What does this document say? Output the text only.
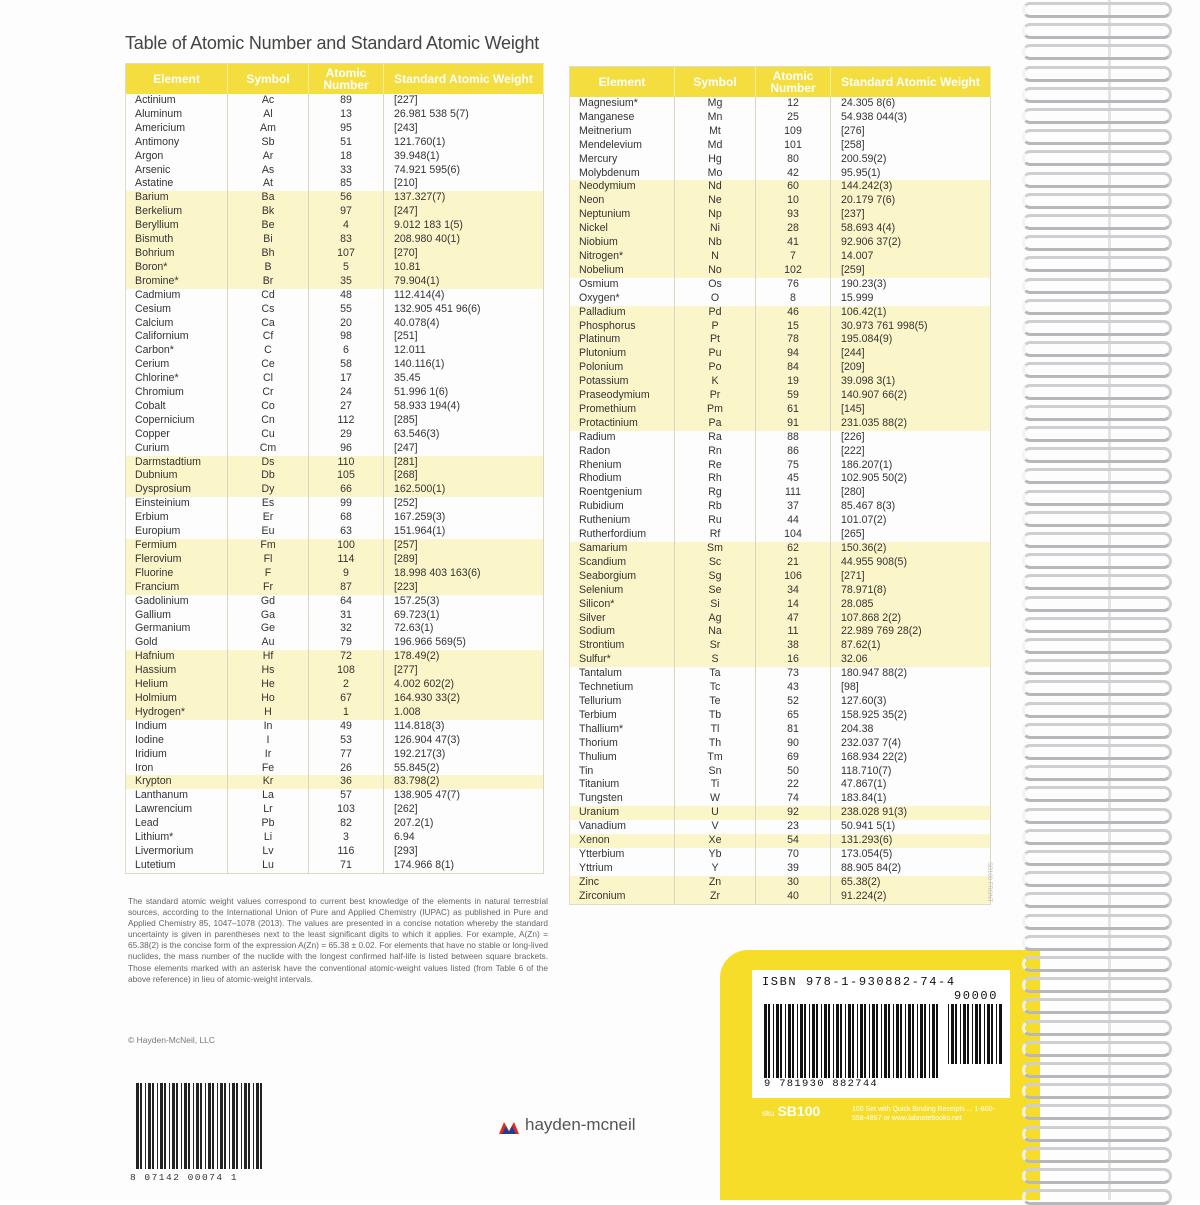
Table of Atomic Number and Standard Atomic Weight
Element	Symbol	Atomic Number	Standard Atomic Weight
Actinium	Ac	89	[227]
Aluminum	Al	13	26.981 538 5(7)
Americium	Am	95	[243]
Antimony	Sb	51	121.760(1)
Argon	Ar	18	39.948(1)
Arsenic	As	33	74.921 595(6)
Astatine	At	85	[210]
Barium	Ba	56	137.327(7)
Berkelium	Bk	97	[247]
Beryllium	Be	4	9.012 183 1(5)
Bismuth	Bi	83	208.980 40(1)
Bohrium	Bh	107	[270]
Boron*	B	5	10.81
Bromine*	Br	35	79.904(1)
Cadmium	Cd	48	112.414(4)
Cesium	Cs	55	132.905 451 96(6)
Calcium	Ca	20	40.078(4)
Californium	Cf	98	[251]
Carbon*	C	6	12.011
Cerium	Ce	58	140.116(1)
Chlorine*	Cl	17	35.45
Chromium	Cr	24	51.996 1(6)
Cobalt	Co	27	58.933 194(4)
Copernicium	Cn	112	[285]
Copper	Cu	29	63.546(3)
Curium	Cm	96	[247]
Darmstadtium	Ds	110	[281]
Dubnium	Db	105	[268]
Dysprosium	Dy	66	162.500(1)
Einsteinium	Es	99	[252]
Erbium	Er	68	167.259(3)
Europium	Eu	63	151.964(1)
Fermium	Fm	100	[257]
Flerovium	Fl	114	[289]
Fluorine	F	9	18.998 403 163(6)
Francium	Fr	87	[223]
Gadolinium	Gd	64	157.25(3)
Gallium	Ga	31	69.723(1)
Germanium	Ge	32	72.63(1)
Gold	Au	79	196.966 569(5)
Hafnium	Hf	72	178.49(2)
Hassium	Hs	108	[277]
Helium	He	2	4.002 602(2)
Holmium	Ho	67	164.930 33(2)
Hydrogen*	H	1	1.008
Indium	In	49	114.818(3)
Iodine	I	53	126.904 47(3)
Iridium	Ir	77	192.217(3)
Iron	Fe	26	55.845(2)
Krypton	Kr	36	83.798(2)
Lanthanum	La	57	138.905 47(7)
Lawrencium	Lr	103	[262]
Lead	Pb	82	207.2(1)
Lithium*	Li	3	6.94
Livermorium	Lv	116	[293]
Lutetium	Lu	71	174.966 8(1)
Element	Symbol	Atomic Number	Standard Atomic Weight
Magnesium*	Mg	12	24.305 8(6)
Manganese	Mn	25	54.938 044(3)
Meitnerium	Mt	109	[276]
Mendelevium	Md	101	[258]
Mercury	Hg	80	200.59(2)
Molybdenum	Mo	42	95.95(1)
Neodymium	Nd	60	144.242(3)
Neon	Ne	10	20.179 7(6)
Neptunium	Np	93	[237]
Nickel	Ni	28	58.693 4(4)
Niobium	Nb	41	92.906 37(2)
Nitrogen*	N	7	14.007
Nobelium	No	102	[259]
Osmium	Os	76	190.23(3)
Oxygen*	O	8	15.999
Palladium	Pd	46	106.42(1)
Phosphorus	P	15	30.973 761 998(5)
Platinum	Pt	78	195.084(9)
Plutonium	Pu	94	[244]
Polonium	Po	84	[209]
Potassium	K	19	39.098 3(1)
Praseodymium	Pr	59	140.907 66(2)
Promethium	Pm	61	[145]
Protactinium	Pa	91	231.035 88(2)
Radium	Ra	88	[226]
Radon	Rn	86	[222]
Rhenium	Re	75	186.207(1)
Rhodium	Rh	45	102.905 50(2)
Roentgenium	Rg	111	[280]
Rubidium	Rb	37	85.467 8(3)
Ruthenium	Ru	44	101.07(2)
Rutherfordium	Rf	104	[265]
Samarium	Sm	62	150.36(2)
Scandium	Sc	21	44.955 908(5)
Seaborgium	Sg	106	[271]
Selenium	Se	34	78.971(8)
Silicon*	Si	14	28.085
Silver	Ag	47	107.868 2(2)
Sodium	Na	11	22.989 769 28(2)
Strontium	Sr	38	87.62(1)
Sulfur*	S	16	32.06
Tantalum	Ta	73	180.947 88(2)
Technetium	Tc	43	[98]
Tellurium	Te	52	127.60(3)
Terbium	Tb	65	158.925 35(2)
Thallium*	Tl	81	204.38
Thorium	Th	90	232.037 7(4)
Thulium	Tm	69	168.934 22(2)
Tin	Sn	50	118.710(7)
Titanium	Ti	22	47.867(1)
Tungsten	W	74	183.84(1)
Uranium	U	92	238.028 91(3)
Vanadium	V	23	50.941 5(1)
Xenon	Xe	54	131.293(6)
Ytterbium	Yb	70	173.054(5)
Yttrium	Y	39	88.905 84(2)
Zinc	Zn	30	65.38(2)
Zirconium	Zr	40	91.224(2)	SB100 FRONT
The standard atomic weight values correspond to current best knowledge of the elements in natural terrestrial sources, according to the International Union of Pure and Applied Chemistry (IUPAC) as published in Pure and Applied Chemistry 85, 1047–1078 (2013). The values are presented in a concise notation whereby the standard uncertainty is given in parentheses next to the least significant digits to which it applies. For example, A(Zn) = 65.38(2) is the concise form of the expression A(Zn) = 65.38 ± 0.02. For elements that have no stable or long-lived nuclides, the mass number of the nuclide with the longest confirmed half-life is listed between square brackets. Those elements marked with an asterisk have the conventional atomic-weight values listed (from Table 6 of the above reference) in lieu of atomic-weight intervals.
© Hayden-McNeil, LLC
8 07142 00074 1
hayden-mcneil
ISBN 978-1-930882-74-4
90000
9 781930 882744
sku SB100	100 Set with Quick Binding Receipts ... 1-800-558-4857 or www.labnotebooks.net
